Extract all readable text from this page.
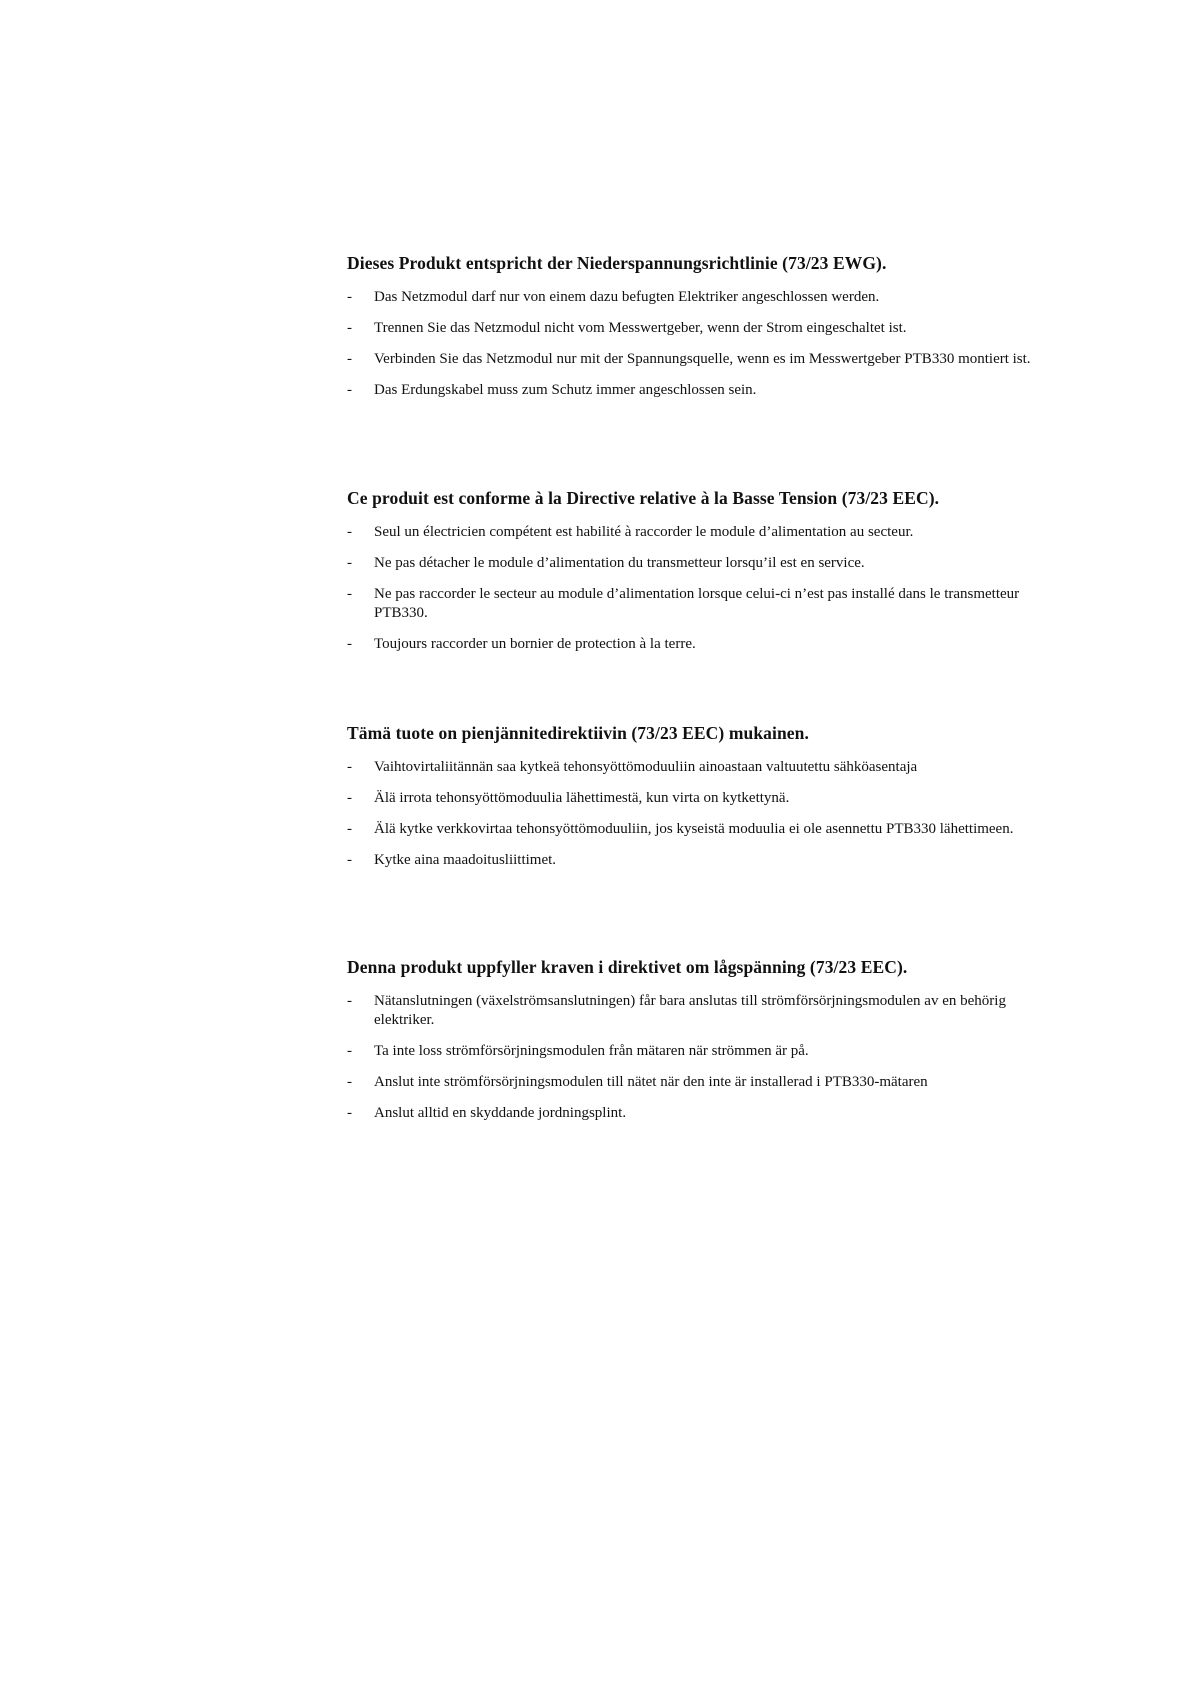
Dieses Produkt entspricht der Niederspannungsrichtlinie (73/23 EWG).
-	Das Netzmodul darf nur von einem dazu befugten Elektriker angeschlossen werden.
-	Trennen Sie das Netzmodul nicht vom Messwertgeber, wenn der Strom eingeschaltet ist.
-	Verbinden Sie das Netzmodul nur mit der Spannungsquelle, wenn es im Messwertgeber PTB330 montiert ist.
-	Das Erdungskabel muss zum Schutz immer angeschlossen sein.
Ce produit est conforme à la Directive relative à la Basse Tension (73/23 EEC).
-	Seul un électricien compétent est habilité à raccorder le module d’alimentation au secteur.
-	Ne pas détacher le module d’alimentation du transmetteur lorsqu’il est en service.
-	Ne pas raccorder le secteur au module d’alimentation lorsque celui-ci n’est pas installé dans le transmetteur PTB330.
-	Toujours raccorder un bornier de protection à la terre.
Tämä tuote on pienjännitedirektiivin (73/23 EEC) mukainen.
-	Vaihtovirtaliitännän saa kytkeä tehonsyöttömoduuliin ainoastaan valtuutettu sähköasentaja
-	Älä irrota tehonsyöttömoduulia lähettimestä, kun virta on kytkettynä.
-	Älä kytke verkkovirtaa tehonsyöttömoduuliin, jos kyseistä moduulia ei ole asennettu PTB330 lähettimeen.
-	Kytke aina maadoitusliittimet.
Denna produkt uppfyller kraven i direktivet om lågspänning (73/23 EEC).
-	Nätanslutningen (växelströmsanslutningen) får bara anslutas till strömförsörjningsmodulen av en behörig elektriker.
-	Ta inte loss strömförsörjningsmodulen från mätaren när strömmen är på.
-	Anslut inte strömförsörjningsmodulen till nätet när den inte är installerad i PTB330-mätaren
-	Anslut alltid en skyddande jordningsplint.
